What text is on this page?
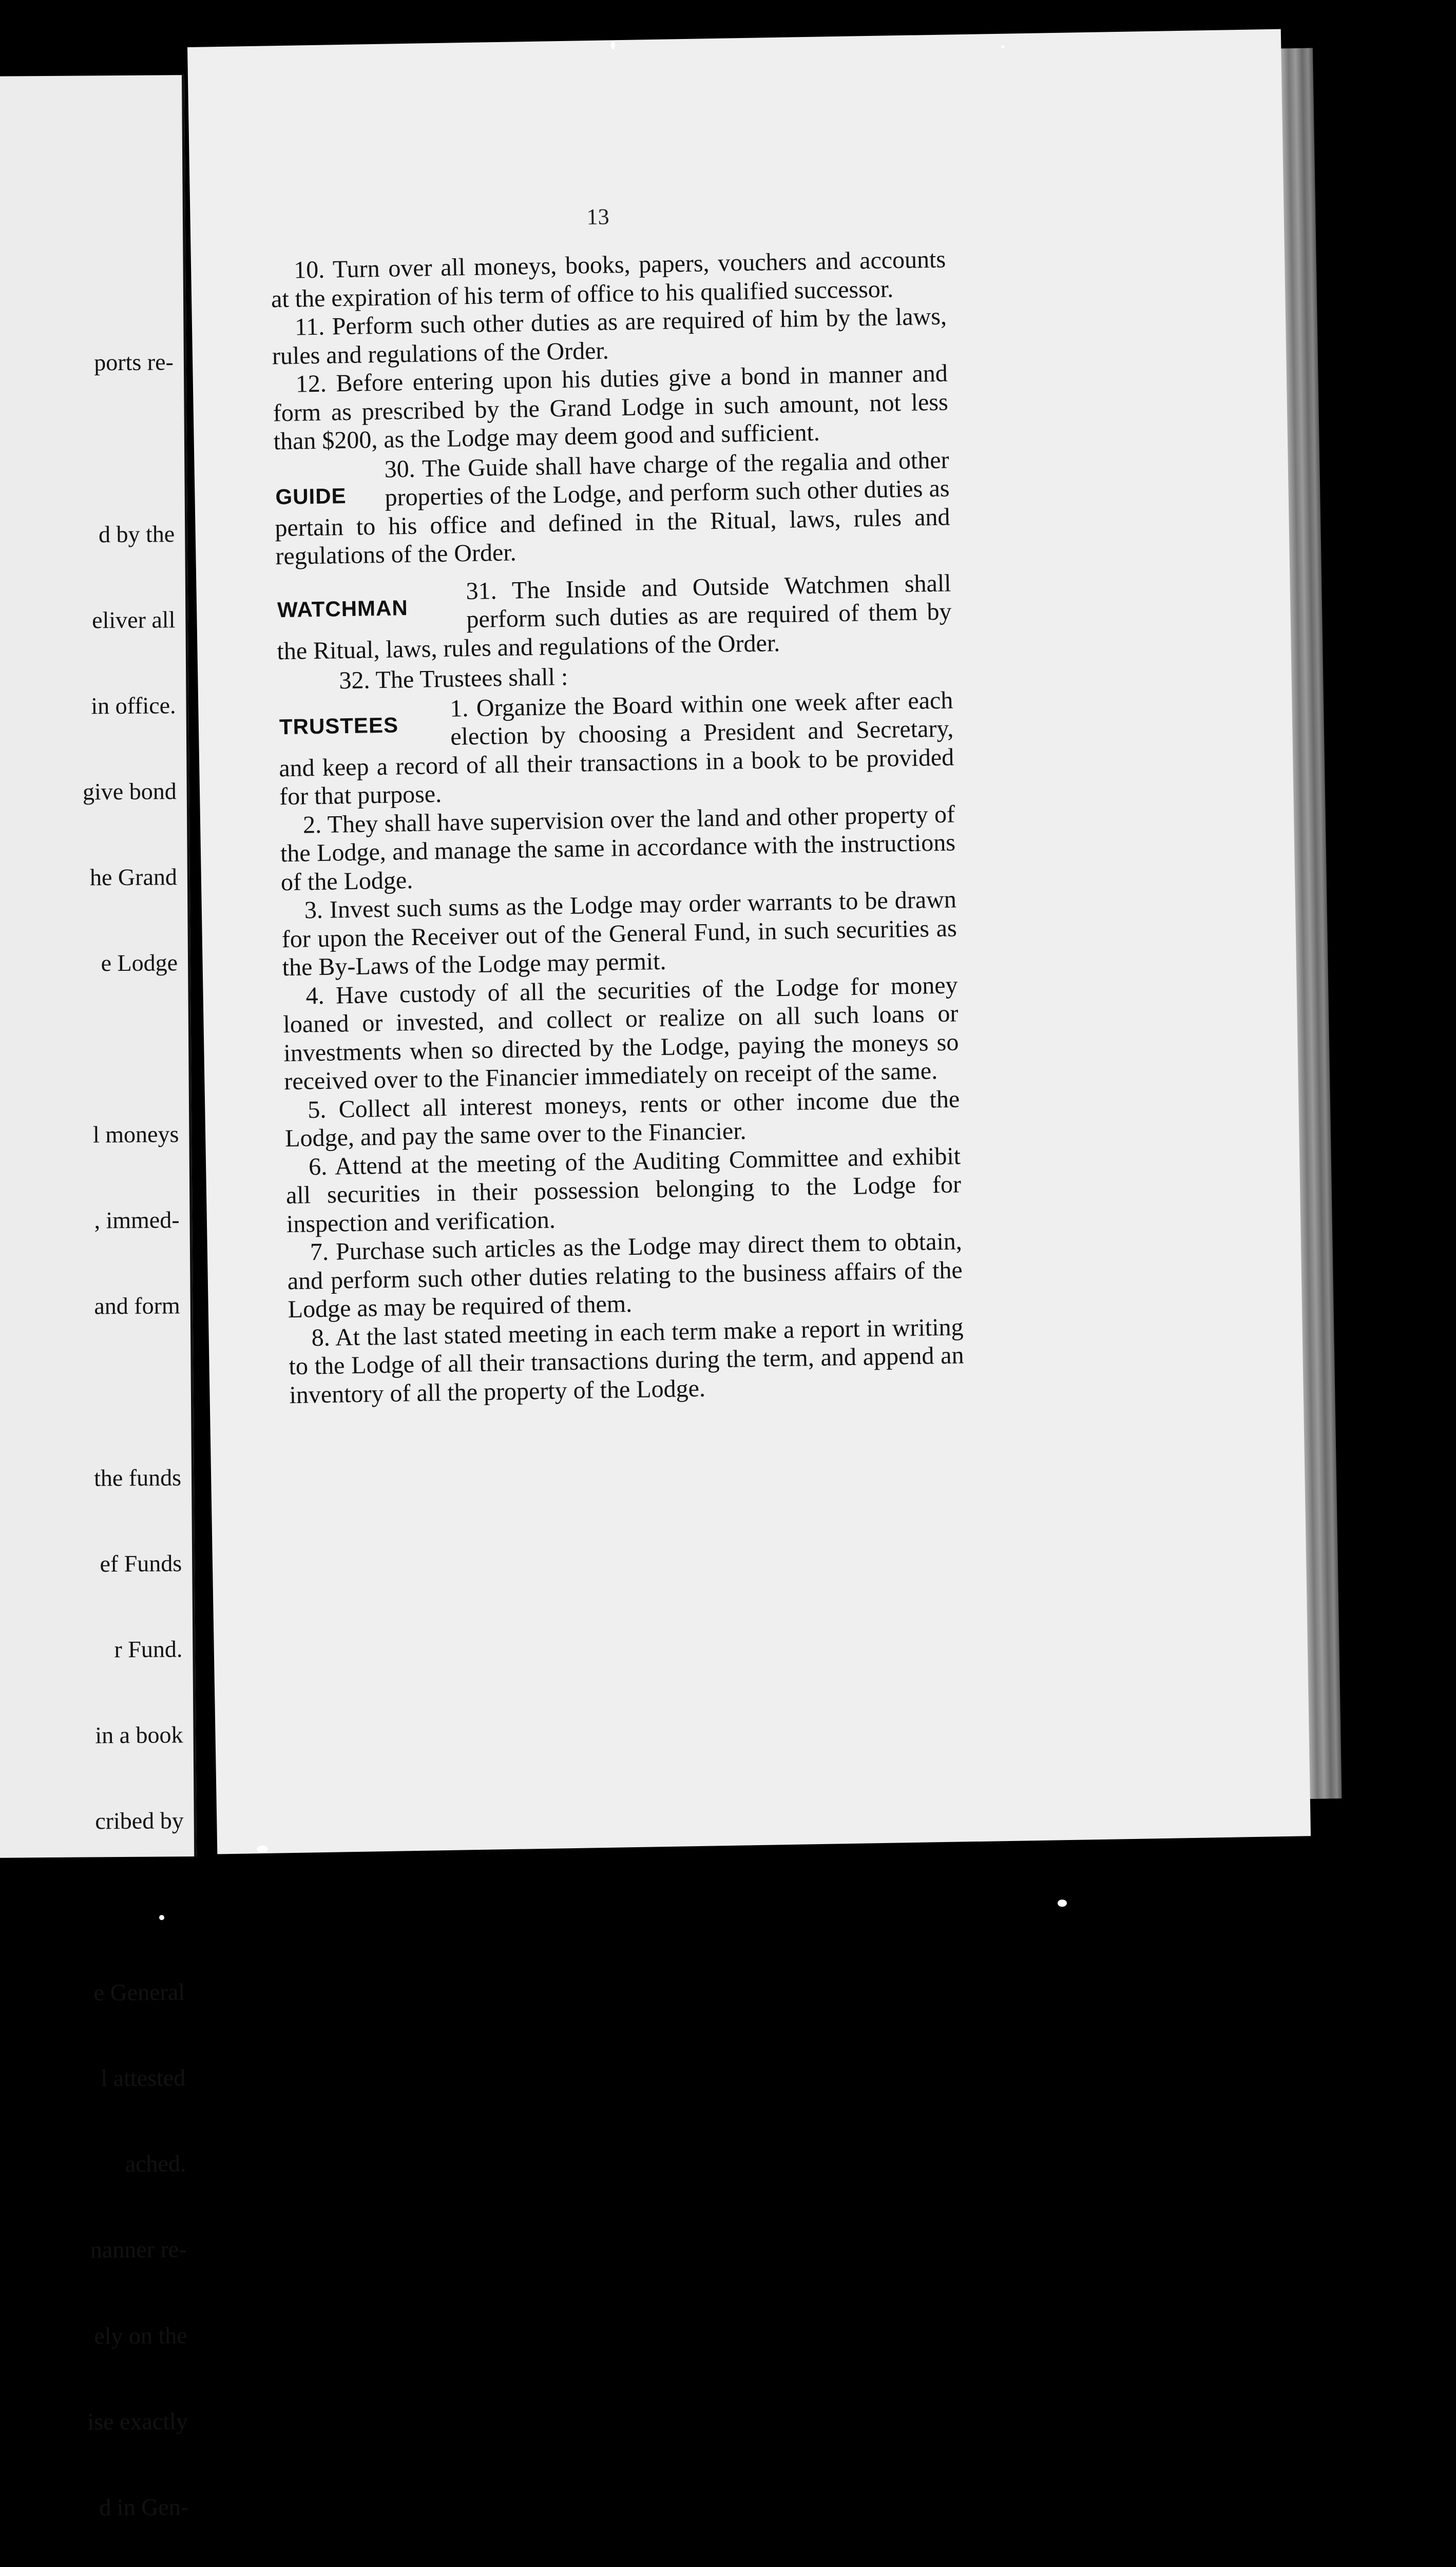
ports re-

d by the

eliver all

in office.

give bond

he Grand

e Lodge

l moneys

, immed-

and form

the funds

ef Funds

r Fund.

in a book

cribed by

e General

l attested

ached.

nanner re-

ely on the

ise exactly

d in Gen-

13

10. Turn over all moneys, books, papers, vouchers and accounts at the expiration of his term of office to his qualified successor.

11. Perform such other duties as are required of him by the laws, rules and regulations of the Order.

12. Before entering upon his duties give a bond in manner and form as prescribed by the Grand Lodge in such amount, not less than $200, as the Lodge may deem good and sufficient.

GUIDE

30. The Guide shall have charge of the regalia and other properties of the Lodge, and perform such other duties as pertain to his office and defined in the Ritual, laws, rules and regulations of the Order.

WATCHMAN

31. The Inside and Outside Watchmen shall perform such duties as are required of them by the Ritual, laws, rules and regulations of the Order.

32. The Trustees shall :

TRUSTEES

1. Organize the Board within one week after each election by choosing a President and Secretary, and keep a record of all their transactions in a book to be provided for that purpose.

2. They shall have supervision over the land and other property of the Lodge, and manage the same in accordance with the instructions of the Lodge.

3. Invest such sums as the Lodge may order warrants to be drawn for upon the Receiver out of the General Fund, in such securities as the By-Laws of the Lodge may permit.

4. Have custody of all the securities of the Lodge for money loaned or invested, and collect or realize on all such loans or investments when so directed by the Lodge, paying the moneys so received over to the Financier immediately on receipt of the same.

5. Collect all interest moneys, rents or other income due the Lodge, and pay the same over to the Financier.

6. Attend at the meeting of the Auditing Committee and exhibit all securities in their possession belonging to the Lodge for inspection and verification.

7. Purchase such articles as the Lodge may direct them to obtain, and perform such other duties relating to the business affairs of the Lodge as may be required of them.

8. At the last stated meeting in each term make a report in writing to the Lodge of all their transactions during the term, and append an inventory of all the property of the Lodge.
